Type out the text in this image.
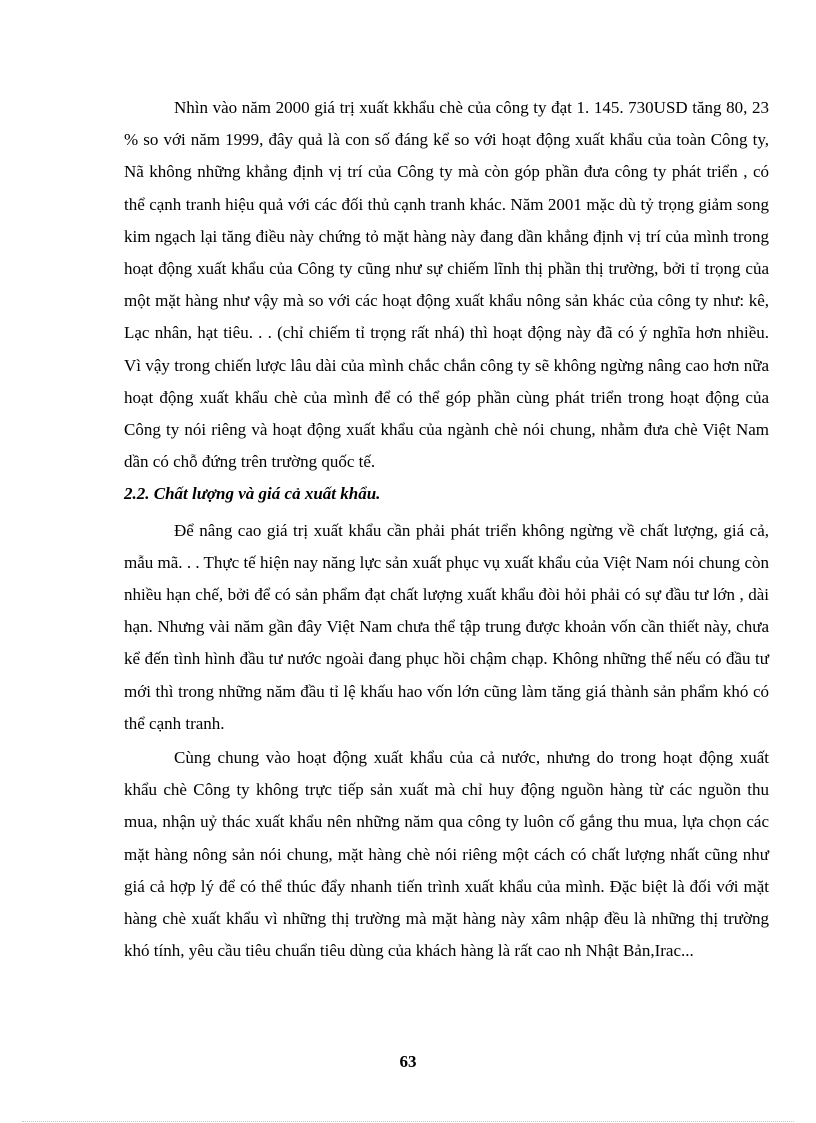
Nhìn vào năm 2000 giá trị xuất kkhẩu chè của công ty đạt 1. 145. 730USD tăng 80, 23 % so với năm 1999, đây quả là con số đáng kể so với hoạt động xuất khẩu của toàn Công ty, Nã không những khẳng định vị trí của Công ty mà còn góp phần đưa công ty phát triển , có thể cạnh tranh hiệu quả với các đối thủ cạnh tranh khác. Năm 2001 mặc dù tỷ trọng giảm song kim ngạch lại tăng điều này chứng tỏ mặt hàng này đang dần khẳng định vị trí của mình trong hoạt động xuất khẩu của Công ty cũng như sự chiếm lĩnh thị phần thị trường, bởi tỉ trọng của một mặt hàng như vậy mà so với các hoạt động xuất khẩu nông sản khác của công ty như: kê, Lạc nhân, hạt tiêu. . . (chỉ chiếm tỉ trọng rất nhá) thì hoạt động này đã có ý nghĩa hơn nhiều. Vì vậy trong chiến lược lâu dài của mình chắc chắn công ty sẽ không ngừng nâng cao hơn nữa hoạt động xuất khẩu chè của mình để có thể góp phần cùng phát triển trong hoạt động của Công ty nói riêng và hoạt động xuất khẩu của ngành chè nói chung, nhằm đưa chè Việt Nam dần có chỗ đứng trên trường quốc tế.

2.2. Chất lượng và giá cả xuất khẩu.

Để nâng cao giá trị xuất khẩu cần phải phát triển không ngừng về chất lượng, giá cả, mẫu mã. . . Thực tế hiện nay năng lực sản xuất phục vụ xuất khẩu của Việt Nam nói chung còn nhiều hạn chế, bởi để có sản phẩm đạt chất lượng xuất khẩu đòi hỏi phải có sự đầu tư lớn , dài hạn. Nhưng vài năm gần đây Việt Nam chưa thể tập trung được khoản vốn cần thiết này, chưa kể đến tình hình đầu tư nước ngoài đang phục hồi chậm chạp. Không những thế nếu có đầu tư mới thì trong những năm đầu tỉ lệ khấu hao vốn lớn cũng làm tăng giá thành sản phẩm khó có thể cạnh tranh.

Cùng chung vào hoạt động xuất khẩu của cả nước, nhưng do trong hoạt động xuất khẩu chè Công ty không trực tiếp sản xuất mà chỉ huy động nguồn hàng từ các nguồn thu mua, nhận uỷ thác xuất khẩu nên những năm qua công ty luôn cố gắng thu mua, lựa chọn các mặt hàng nông sản nói chung, mặt hàng chè nói riêng một cách có chất lượng nhất cũng như giá cả hợp lý để có thể thúc đẩy nhanh tiến trình xuất khẩu của mình. Đặc biệt là đối với mặt hàng chè xuất khẩu vì những thị trường mà mặt hàng này xâm nhập đều là những thị trường khó tính, yêu cầu tiêu chuẩn tiêu dùng của khách hàng là rất cao nh Nhật Bản,Irac...

63
